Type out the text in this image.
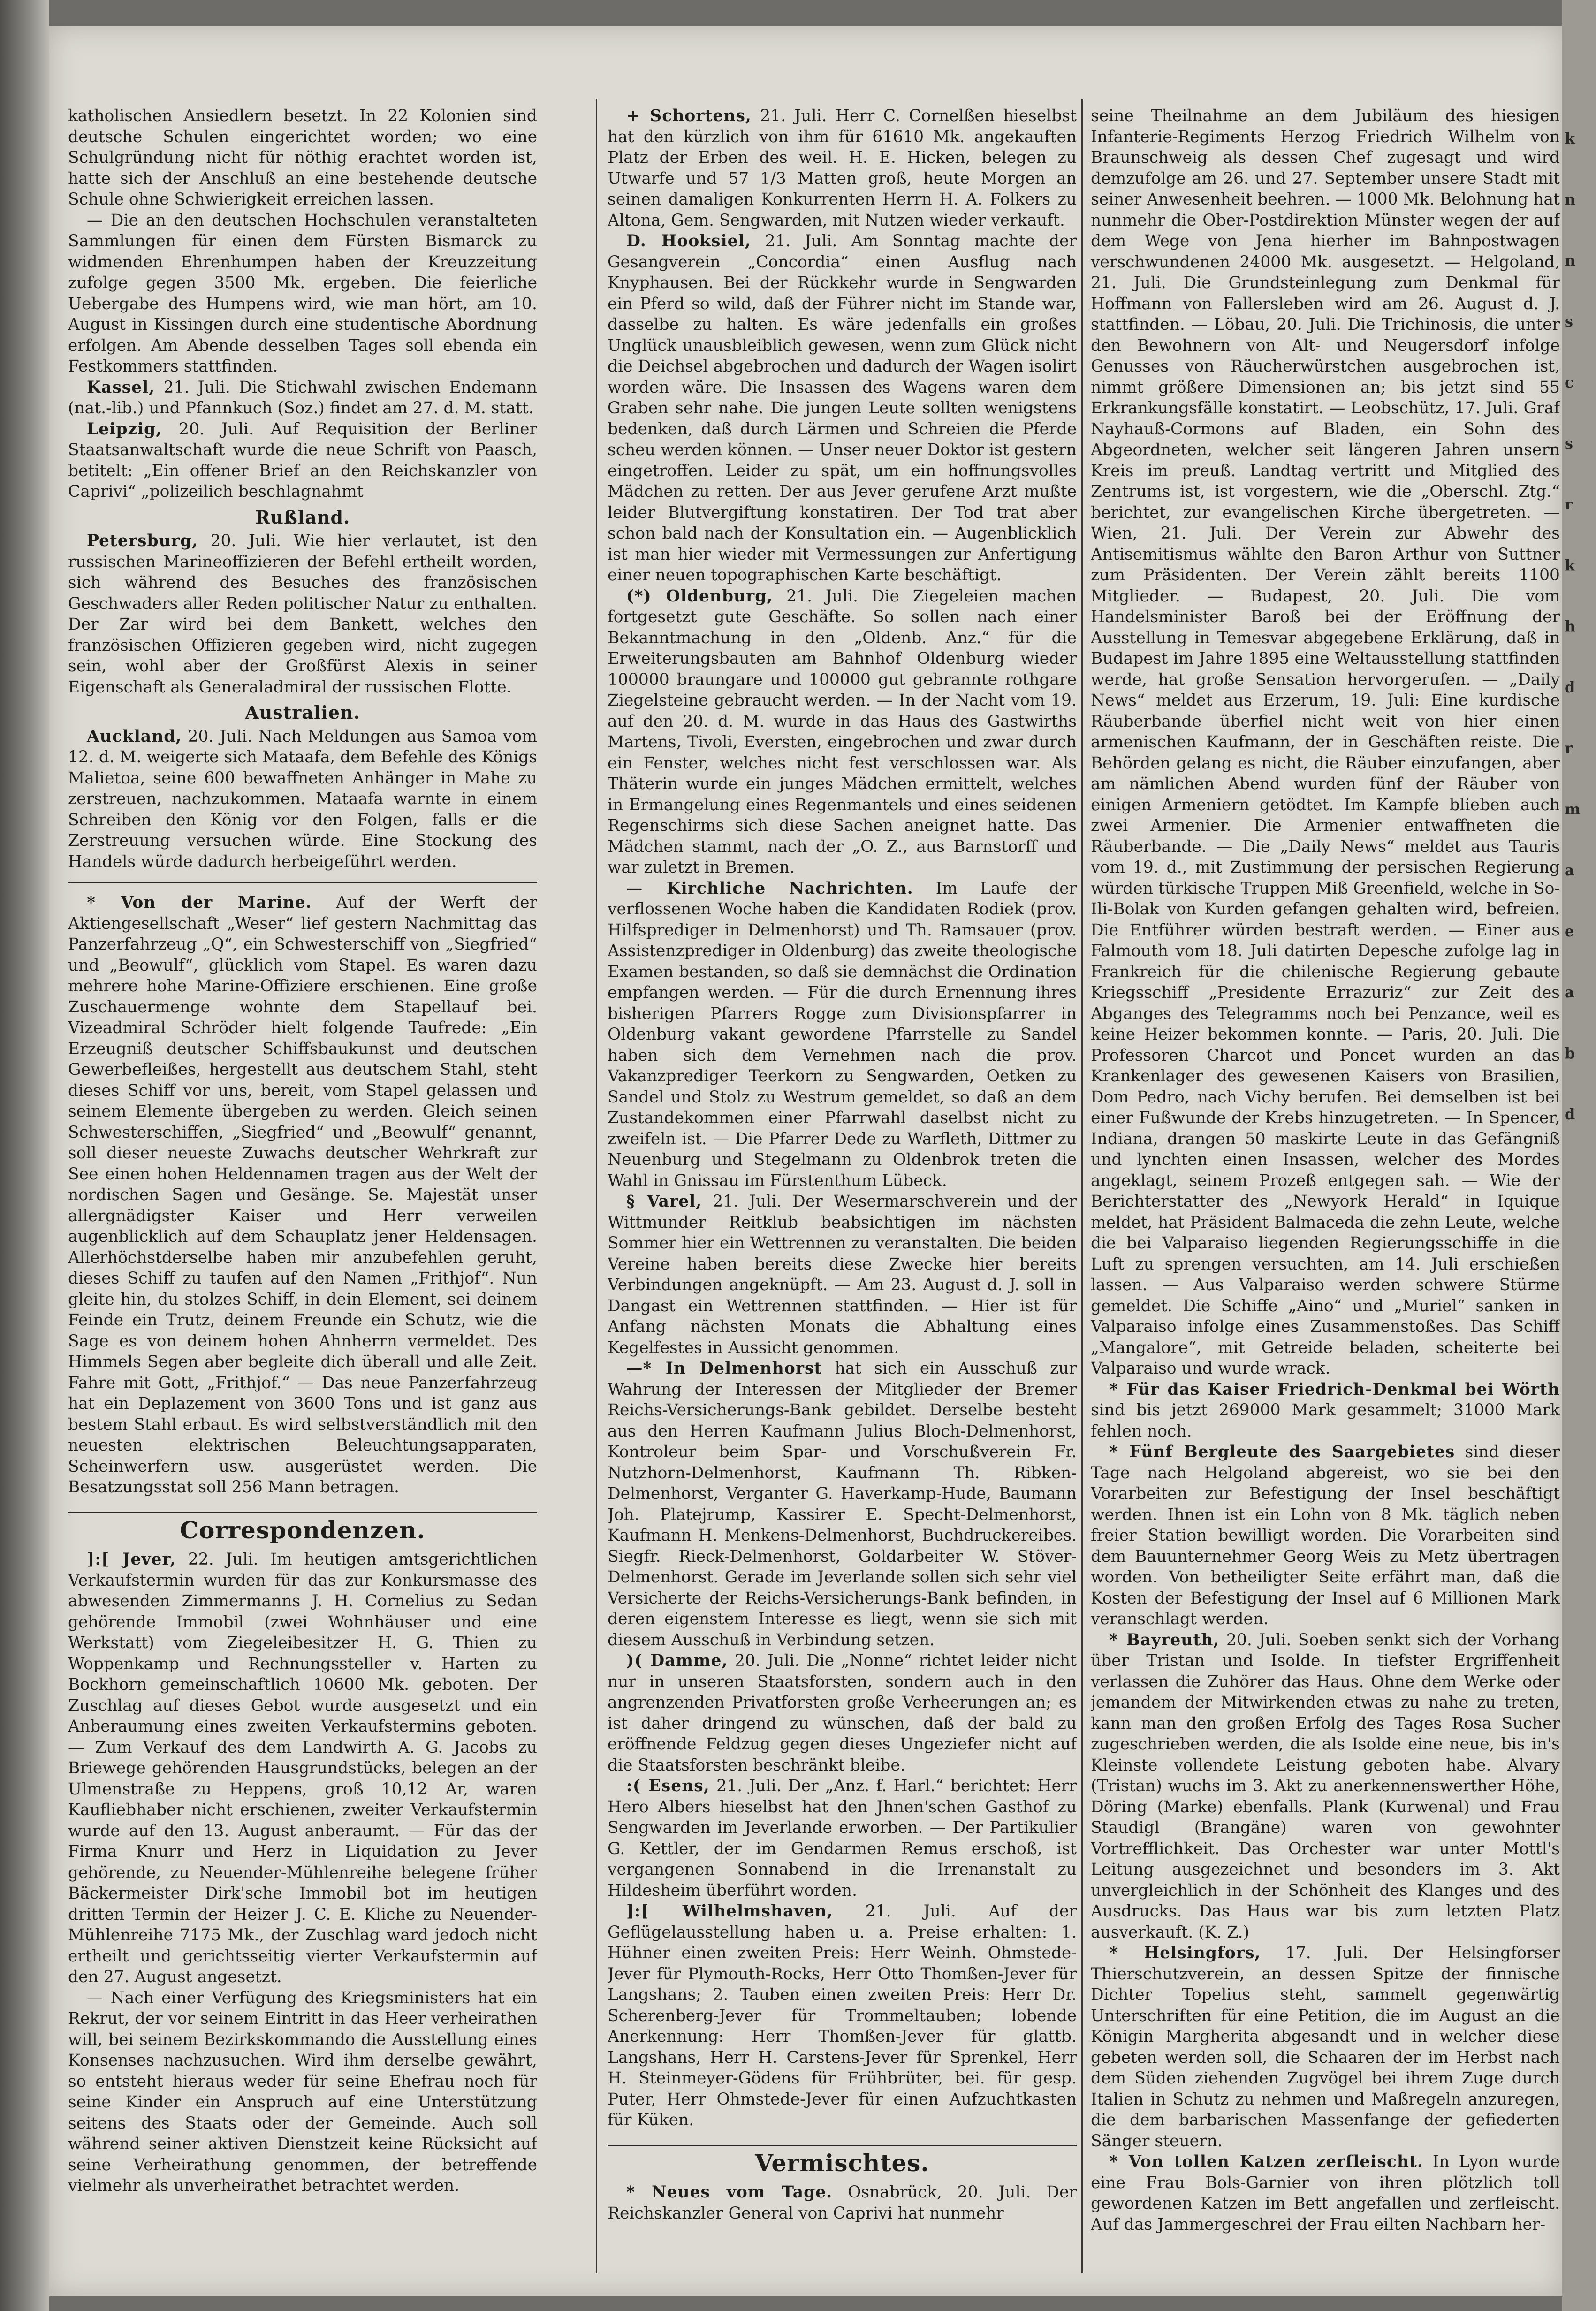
katholischen Ansiedlern besetzt. In 22 Kolonien sind deutsche Schulen eingerichtet worden; wo eine Schulgründung nicht für nöthig erachtet worden ist, hatte sich der Anschluß an eine bestehende deutsche Schule ohne Schwierigkeit erreichen lassen.

— Die an den deutschen Hochschulen veranstalteten Sammlungen für einen dem Fürsten Bismarck zu widmenden Ehrenhumpen haben der Kreuzzeitung zufolge gegen 3500 Mk. ergeben. Die feierliche Uebergabe des Humpens wird, wie man hört, am 10. August in Kissingen durch eine studentische Abordnung erfolgen. Am Abende desselben Tages soll ebenda ein Festkommers stattfinden.

Kassel, 21. Juli. Die Stichwahl zwischen Endemann (nat.-lib.) und Pfannkuch (Soz.) findet am 27. d. M. statt.

Leipzig, 20. Juli. Auf Requisition der Berliner Staatsanwaltschaft wurde die neue Schrift von Paasch, betitelt: „Ein offener Brief an den Reichskanzler von Caprivi“ „polizeilich beschlagnahmt

Rußland.

Petersburg, 20. Juli. Wie hier verlautet, ist den russischen Marineoffizieren der Befehl ertheilt worden, sich während des Besuches des französischen Geschwaders aller Reden politischer Natur zu enthalten. Der Zar wird bei dem Bankett, welches den französischen Offizieren gegeben wird, nicht zugegen sein, wohl aber der Großfürst Alexis in seiner Eigenschaft als Generaladmiral der russischen Flotte.

Australien.

Auckland, 20. Juli. Nach Meldungen aus Samoa vom 12. d. M. weigerte sich Mataafa, dem Befehle des Königs Malietoa, seine 600 bewaffneten Anhänger in Mahe zu zerstreuen, nachzukommen. Mataafa warnte in einem Schreiben den König vor den Folgen, falls er die Zerstreuung versuchen würde. Eine Stockung des Handels würde dadurch herbeigeführt werden.

* Von der Marine. Auf der Werft der Aktiengesellschaft „Weser“ lief gestern Nachmittag das Panzerfahrzeug „Q“, ein Schwesterschiff von „Siegfried“ und „Beowulf“, glücklich vom Stapel. Es waren dazu mehrere hohe Marine-Offiziere erschienen. Eine große Zuschauermenge wohnte dem Stapellauf bei. Vizeadmiral Schröder hielt folgende Taufrede: „Ein Erzeugniß deutscher Schiffsbaukunst und deutschen Gewerbefleißes, hergestellt aus deutschem Stahl, steht dieses Schiff vor uns, bereit, vom Stapel gelassen und seinem Elemente übergeben zu werden. Gleich seinen Schwesterschiffen, „Siegfried“ und „Beowulf“ genannt, soll dieser neueste Zuwachs deutscher Wehrkraft zur See einen hohen Heldennamen tragen aus der Welt der nordischen Sagen und Gesänge. Se. Majestät unser allergnädigster Kaiser und Herr verweilen augenblicklich auf dem Schauplatz jener Heldensagen. Allerhöchstderselbe haben mir anzubefehlen geruht, dieses Schiff zu taufen auf den Namen „Frithjof“. Nun gleite hin, du stolzes Schiff, in dein Element, sei deinem Feinde ein Trutz, deinem Freunde ein Schutz, wie die Sage es von deinem hohen Ahnherrn vermeldet. Des Himmels Segen aber begleite dich überall und alle Zeit. Fahre mit Gott, „Frithjof.“ — Das neue Panzerfahrzeug hat ein Deplazement von 3600 Tons und ist ganz aus bestem Stahl erbaut. Es wird selbstverständlich mit den neuesten elektrischen Beleuchtungsapparaten, Scheinwerfern usw. ausgerüstet werden. Die Besatzungsstat soll 256 Mann betragen.

Correspondenzen.

]:[ Jever, 22. Juli. Im heutigen amtsgerichtlichen Verkaufstermin wurden für das zur Konkursmasse des abwesenden Zimmermanns J. H. Cornelius zu Sedan gehörende Immobil (zwei Wohnhäuser und eine Werkstatt) vom Ziegeleibesitzer H. G. Thien zu Woppenkamp und Rechnungssteller v. Harten zu Bockhorn gemeinschaftlich 10600 Mk. geboten. Der Zuschlag auf dieses Gebot wurde ausgesetzt und ein Anberaumung eines zweiten Verkaufstermins geboten. — Zum Verkauf des dem Landwirth A. G. Jacobs zu Briewege gehörenden Hausgrundstücks, belegen an der Ulmenstraße zu Heppens, groß 10,12 Ar, waren Kaufliebhaber nicht erschienen, zweiter Verkaufstermin wurde auf den 13. August anberaumt. — Für das der Firma Knurr und Herz in Liquidation zu Jever gehörende, zu Neuender-Mühlenreihe belegene früher Bäckermeister Dirk'sche Immobil bot im heutigen dritten Termin der Heizer J. C. E. Kliche zu Neuender-Mühlenreihe 7175 Mk., der Zuschlag ward jedoch nicht ertheilt und gerichtsseitig vierter Verkaufstermin auf den 27. August angesetzt.

— Nach einer Verfügung des Kriegsministers hat ein Rekrut, der vor seinem Eintritt in das Heer verheirathen will, bei seinem Bezirkskommando die Ausstellung eines Konsenses nachzusuchen. Wird ihm derselbe gewährt, so entsteht hieraus weder für seine Ehefrau noch für seine Kinder ein Anspruch auf eine Unterstützung seitens des Staats oder der Gemeinde. Auch soll während seiner aktiven Dienstzeit keine Rücksicht auf seine Verheirathung genommen, der betreffende vielmehr als unverheirathet betrachtet werden.

+ Schortens, 21. Juli. Herr C. Cornelßen hieselbst hat den kürzlich von ihm für 61610 Mk. angekauften Platz der Erben des weil. H. E. Hicken, belegen zu Utwarfe und 57 1/3 Matten groß, heute Morgen an seinen damaligen Konkurrenten Herrn H. A. Folkers zu Altona, Gem. Sengwarden, mit Nutzen wieder verkauft.

D. Hooksiel, 21. Juli. Am Sonntag machte der Gesangverein „Concordia“ einen Ausflug nach Knyphausen. Bei der Rückkehr wurde in Sengwarden ein Pferd so wild, daß der Führer nicht im Stande war, dasselbe zu halten. Es wäre jedenfalls ein großes Unglück unausbleiblich gewesen, wenn zum Glück nicht die Deichsel abgebrochen und dadurch der Wagen isolirt worden wäre. Die Insassen des Wagens waren dem Graben sehr nahe. Die jungen Leute sollten wenigstens bedenken, daß durch Lärmen und Schreien die Pferde scheu werden können. — Unser neuer Doktor ist gestern eingetroffen. Leider zu spät, um ein hoffnungsvolles Mädchen zu retten. Der aus Jever gerufene Arzt mußte leider Blutvergiftung konstatiren. Der Tod trat aber schon bald nach der Konsultation ein. — Augenblicklich ist man hier wieder mit Vermessungen zur Anfertigung einer neuen topographischen Karte beschäftigt.

(*) Oldenburg, 21. Juli. Die Ziegeleien machen fortgesetzt gute Geschäfte. So sollen nach einer Bekanntmachung in den „Oldenb. Anz.“ für die Erweiterungsbauten am Bahnhof Oldenburg wieder 100000 braungare und 100000 gut gebrannte rothgare Ziegelsteine gebraucht werden. — In der Nacht vom 19. auf den 20. d. M. wurde in das Haus des Gastwirths Martens, Tivoli, Eversten, eingebrochen und zwar durch ein Fenster, welches nicht fest verschlossen war. Als Thäterin wurde ein junges Mädchen ermittelt, welches in Ermangelung eines Regenmantels und eines seidenen Regenschirms sich diese Sachen aneignet hatte. Das Mädchen stammt, nach der „O. Z., aus Barnstorff und war zuletzt in Bremen.

— Kirchliche Nachrichten. Im Laufe der verflossenen Woche haben die Kandidaten Rodiek (prov. Hilfsprediger in Delmenhorst) und Th. Ramsauer (prov. Assistenzprediger in Oldenburg) das zweite theologische Examen bestanden, so daß sie demnächst die Ordination empfangen werden. — Für die durch Ernennung ihres bisherigen Pfarrers Rogge zum Divisionspfarrer in Oldenburg vakant gewordene Pfarrstelle zu Sandel haben sich dem Vernehmen nach die prov. Vakanzprediger Teerkorn zu Sengwarden, Oetken zu Sandel und Stolz zu Westrum gemeldet, so daß an dem Zustandekommen einer Pfarrwahl daselbst nicht zu zweifeln ist. — Die Pfarrer Dede zu Warfleth, Dittmer zu Neuenburg und Stegelmann zu Oldenbrok treten die Wahl in Gnissau im Fürstenthum Lübeck.

§ Varel, 21. Juli. Der Wesermarschverein und der Wittmunder Reitklub beabsichtigen im nächsten Sommer hier ein Wettrennen zu veranstalten. Die beiden Vereine haben bereits diese Zwecke hier bereits Verbindungen angeknüpft. — Am 23. August d. J. soll in Dangast ein Wettrennen stattfinden. — Hier ist für Anfang nächsten Monats die Abhaltung eines Kegelfestes in Aussicht genommen.

—* In Delmenhorst hat sich ein Ausschuß zur Wahrung der Interessen der Mitglieder der Bremer Reichs-Versicherungs-Bank gebildet. Derselbe besteht aus den Herren Kaufmann Julius Bloch-Delmenhorst, Kontroleur beim Spar- und Vorschußverein Fr. Nutzhorn-Delmenhorst, Kaufmann Th. Ribken-Delmenhorst, Verganter G. Haverkamp-Hude, Baumann Joh. Platejrump, Kassirer E. Specht-Delmenhorst, Kaufmann H. Menkens-Delmenhorst, Buchdruckereibes. Siegfr. Rieck-Delmenhorst, Goldarbeiter W. Stöver-Delmenhorst. Gerade im Jeverlande sollen sich sehr viel Versicherte der Reichs-Versicherungs-Bank befinden, in deren eigenstem Interesse es liegt, wenn sie sich mit diesem Ausschuß in Verbindung setzen.

)( Damme, 20. Juli. Die „Nonne“ richtet leider nicht nur in unseren Staatsforsten, sondern auch in den angrenzenden Privatforsten große Verheerungen an; es ist daher dringend zu wünschen, daß der bald zu eröffnende Feldzug gegen dieses Ungeziefer nicht auf die Staatsforsten beschränkt bleibe.

:( Esens, 21. Juli. Der „Anz. f. Harl.“ berichtet: Herr Hero Albers hieselbst hat den Jhnen'schen Gasthof zu Sengwarden im Jeverlande erworben. — Der Partikulier G. Kettler, der im Gendarmen Remus erschoß, ist vergangenen Sonnabend in die Irrenanstalt zu Hildesheim überführt worden.

]:[ Wilhelmshaven, 21. Juli. Auf der Geflügelausstellung haben u. a. Preise erhalten: 1. Hühner einen zweiten Preis: Herr Weinh. Ohmstede-Jever für Plymouth-Rocks, Herr Otto Thomßen-Jever für Langshans; 2. Tauben einen zweiten Preis: Herr Dr. Scherenberg-Jever für Trommeltauben; lobende Anerkennung: Herr Thomßen-Jever für glattb. Langshans, Herr H. Carstens-Jever für Sprenkel, Herr H. Steinmeyer-Gödens für Frühbrüter, bei. für gesp. Puter, Herr Ohmstede-Jever für einen Aufzuchtkasten für Küken.

Vermischtes.

* Neues vom Tage. Osnabrück, 20. Juli. Der Reichskanzler General von Caprivi hat nunmehr

seine Theilnahme an dem Jubiläum des hiesigen Infanterie-Regiments Herzog Friedrich Wilhelm von Braunschweig als dessen Chef zugesagt und wird demzufolge am 26. und 27. September unsere Stadt mit seiner Anwesenheit beehren. — 1000 Mk. Belohnung hat nunmehr die Ober-Postdirektion Münster wegen der auf dem Wege von Jena hierher im Bahnpostwagen verschwundenen 24000 Mk. ausgesetzt. — Helgoland, 21. Juli. Die Grundsteinlegung zum Denkmal für Hoffmann von Fallersleben wird am 26. August d. J. stattfinden. — Löbau, 20. Juli. Die Trichinosis, die unter den Bewohnern von Alt- und Neugersdorf infolge Genusses von Räucherwürstchen ausgebrochen ist, nimmt größere Dimensionen an; bis jetzt sind 55 Erkrankungsfälle konstatirt. — Leobschütz, 17. Juli. Graf Nayhauß-Cormons auf Bladen, ein Sohn des Abgeordneten, welcher seit längeren Jahren unsern Kreis im preuß. Landtag vertritt und Mitglied des Zentrums ist, ist vorgestern, wie die „Oberschl. Ztg.“ berichtet, zur evangelischen Kirche übergetreten. — Wien, 21. Juli. Der Verein zur Abwehr des Antisemitismus wählte den Baron Arthur von Suttner zum Präsidenten. Der Verein zählt bereits 1100 Mitglieder. — Budapest, 20. Juli. Die vom Handelsminister Baroß bei der Eröffnung der Ausstellung in Temesvar abgegebene Erklärung, daß in Budapest im Jahre 1895 eine Weltausstellung stattfinden werde, hat große Sensation hervorgerufen. — „Daily News“ meldet aus Erzerum, 19. Juli: Eine kurdische Räuberbande überfiel nicht weit von hier einen armenischen Kaufmann, der in Geschäften reiste. Die Behörden gelang es nicht, die Räuber einzufangen, aber am nämlichen Abend wurden fünf der Räuber von einigen Armeniern getödtet. Im Kampfe blieben auch zwei Armenier. Die Armenier entwaffneten die Räuberbande. — Die „Daily News“ meldet aus Tauris vom 19. d., mit Zustimmung der persischen Regierung würden türkische Truppen Miß Greenfield, welche in So-Ili-Bolak von Kurden gefangen gehalten wird, befreien. Die Entführer würden bestraft werden. — Einer aus Falmouth vom 18. Juli datirten Depesche zufolge lag in Frankreich für die chilenische Regierung gebaute Kriegsschiff „Presidente Errazuriz“ zur Zeit des Abganges des Telegramms noch bei Penzance, weil es keine Heizer bekommen konnte. — Paris, 20. Juli. Die Professoren Charcot und Poncet wurden an das Krankenlager des gewesenen Kaisers von Brasilien, Dom Pedro, nach Vichy berufen. Bei demselben ist bei einer Fußwunde der Krebs hinzugetreten. — In Spencer, Indiana, drangen 50 maskirte Leute in das Gefängniß und lynchten einen Insassen, welcher des Mordes angeklagt, seinem Prozeß entgegen sah. — Wie der Berichterstatter des „Newyork Herald“ in Iquique meldet, hat Präsident Balmaceda die zehn Leute, welche die bei Valparaiso liegenden Regierungsschiffe in die Luft zu sprengen versuchten, am 14. Juli erschießen lassen. — Aus Valparaiso werden schwere Stürme gemeldet. Die Schiffe „Aino“ und „Muriel“ sanken in Valparaiso infolge eines Zusammenstoßes. Das Schiff „Mangalore“, mit Getreide beladen, scheiterte bei Valparaiso und wurde wrack.

* Für das Kaiser Friedrich-Denkmal bei Wörth sind bis jetzt 269000 Mark gesammelt; 31000 Mark fehlen noch.

* Fünf Bergleute des Saargebietes sind dieser Tage nach Helgoland abgereist, wo sie bei den Vorarbeiten zur Befestigung der Insel beschäftigt werden. Ihnen ist ein Lohn von 8 Mk. täglich neben freier Station bewilligt worden. Die Vorarbeiten sind dem Bauunternehmer Georg Weis zu Metz übertragen worden. Von betheiligter Seite erfährt man, daß die Kosten der Befestigung der Insel auf 6 Millionen Mark veranschlagt werden.

* Bayreuth, 20. Juli. Soeben senkt sich der Vorhang über Tristan und Isolde. In tiefster Ergriffenheit verlassen die Zuhörer das Haus. Ohne dem Werke oder jemandem der Mitwirkenden etwas zu nahe zu treten, kann man den großen Erfolg des Tages Rosa Sucher zugeschrieben werden, die als Isolde eine neue, bis in's Kleinste vollendete Leistung geboten habe. Alvary (Tristan) wuchs im 3. Akt zu anerkennenswerther Höhe, Döring (Marke) ebenfalls. Plank (Kurwenal) und Frau Staudigl (Brangäne) waren von gewohnter Vortrefflichkeit. Das Orchester war unter Mottl's Leitung ausgezeichnet und besonders im 3. Akt unvergleichlich in der Schönheit des Klanges und des Ausdrucks. Das Haus war bis zum letzten Platz ausverkauft. (K. Z.)

* Helsingfors, 17. Juli. Der Helsingforser Thierschutzverein, an dessen Spitze der finnische Dichter Topelius steht, sammelt gegenwärtig Unterschriften für eine Petition, die im August an die Königin Margherita abgesandt und in welcher diese gebeten werden soll, die Schaaren der im Herbst nach dem Süden ziehenden Zugvögel bei ihrem Zuge durch Italien in Schutz zu nehmen und Maßregeln anzuregen, die dem barbarischen Massenfange der gefiederten Sänger steuern.

* Von tollen Katzen zerfleischt. In Lyon wurde eine Frau Bols-Garnier von ihren plötzlich toll gewordenen Katzen im Bett angefallen und zerfleischt. Auf das Jammergeschrei der Frau eilten Nachbarn her-

k
n
n
s
c
s
r
k
h
d
r
m
a
e
a
b
d
